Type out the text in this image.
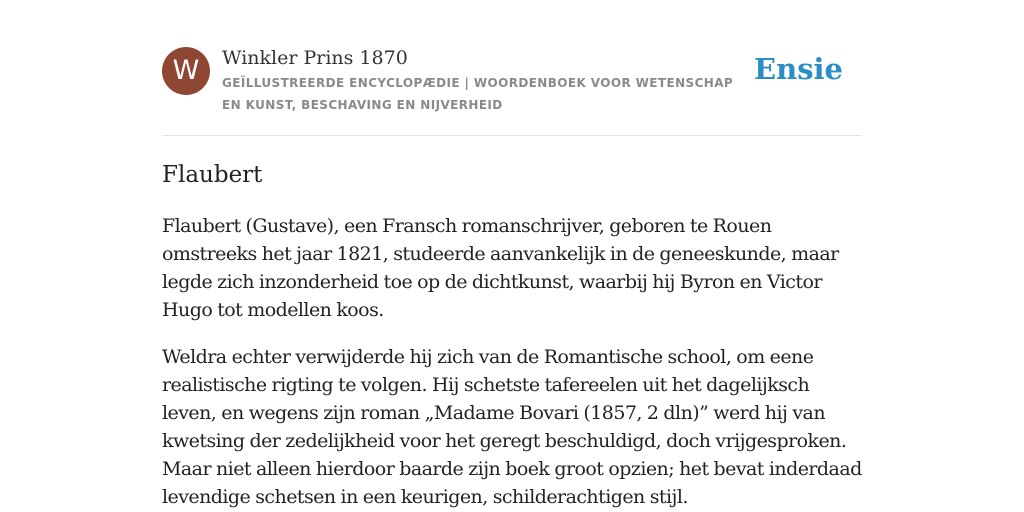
W	Winkler Prins 1870
GEÏLLUSTREERDE ENCYCLOPÆDIE | WOORDENBOEK VOOR WETENSCHAP EN KUNST, BESCHAVING EN NIJVERHEID
Ensie
Flaubert

Flaubert (Gustave), een Fransch romanschrijver, geboren te Rouen omstreeks het jaar 1821, studeerde aanvankelijk in de geneeskunde, maar legde zich inzonderheid toe op de dichtkunst, waarbij hij Byron en Victor Hugo tot modellen koos.

Weldra echter verwijderde hij zich van de Romantische school, om eene realistische rigting te volgen. Hij schetste tafereelen uit het dagelijksch leven, en wegens zijn roman „Madame Bovari (1857, 2 dln)” werd hij van kwetsing der zedelijkheid voor het geregt beschuldigd, doch vrijgesproken. Maar niet alleen hierdoor baarde zijn boek groot opzien; het bevat inderdaad levendige schetsen in een keurigen, schilderachtigen stijl.
